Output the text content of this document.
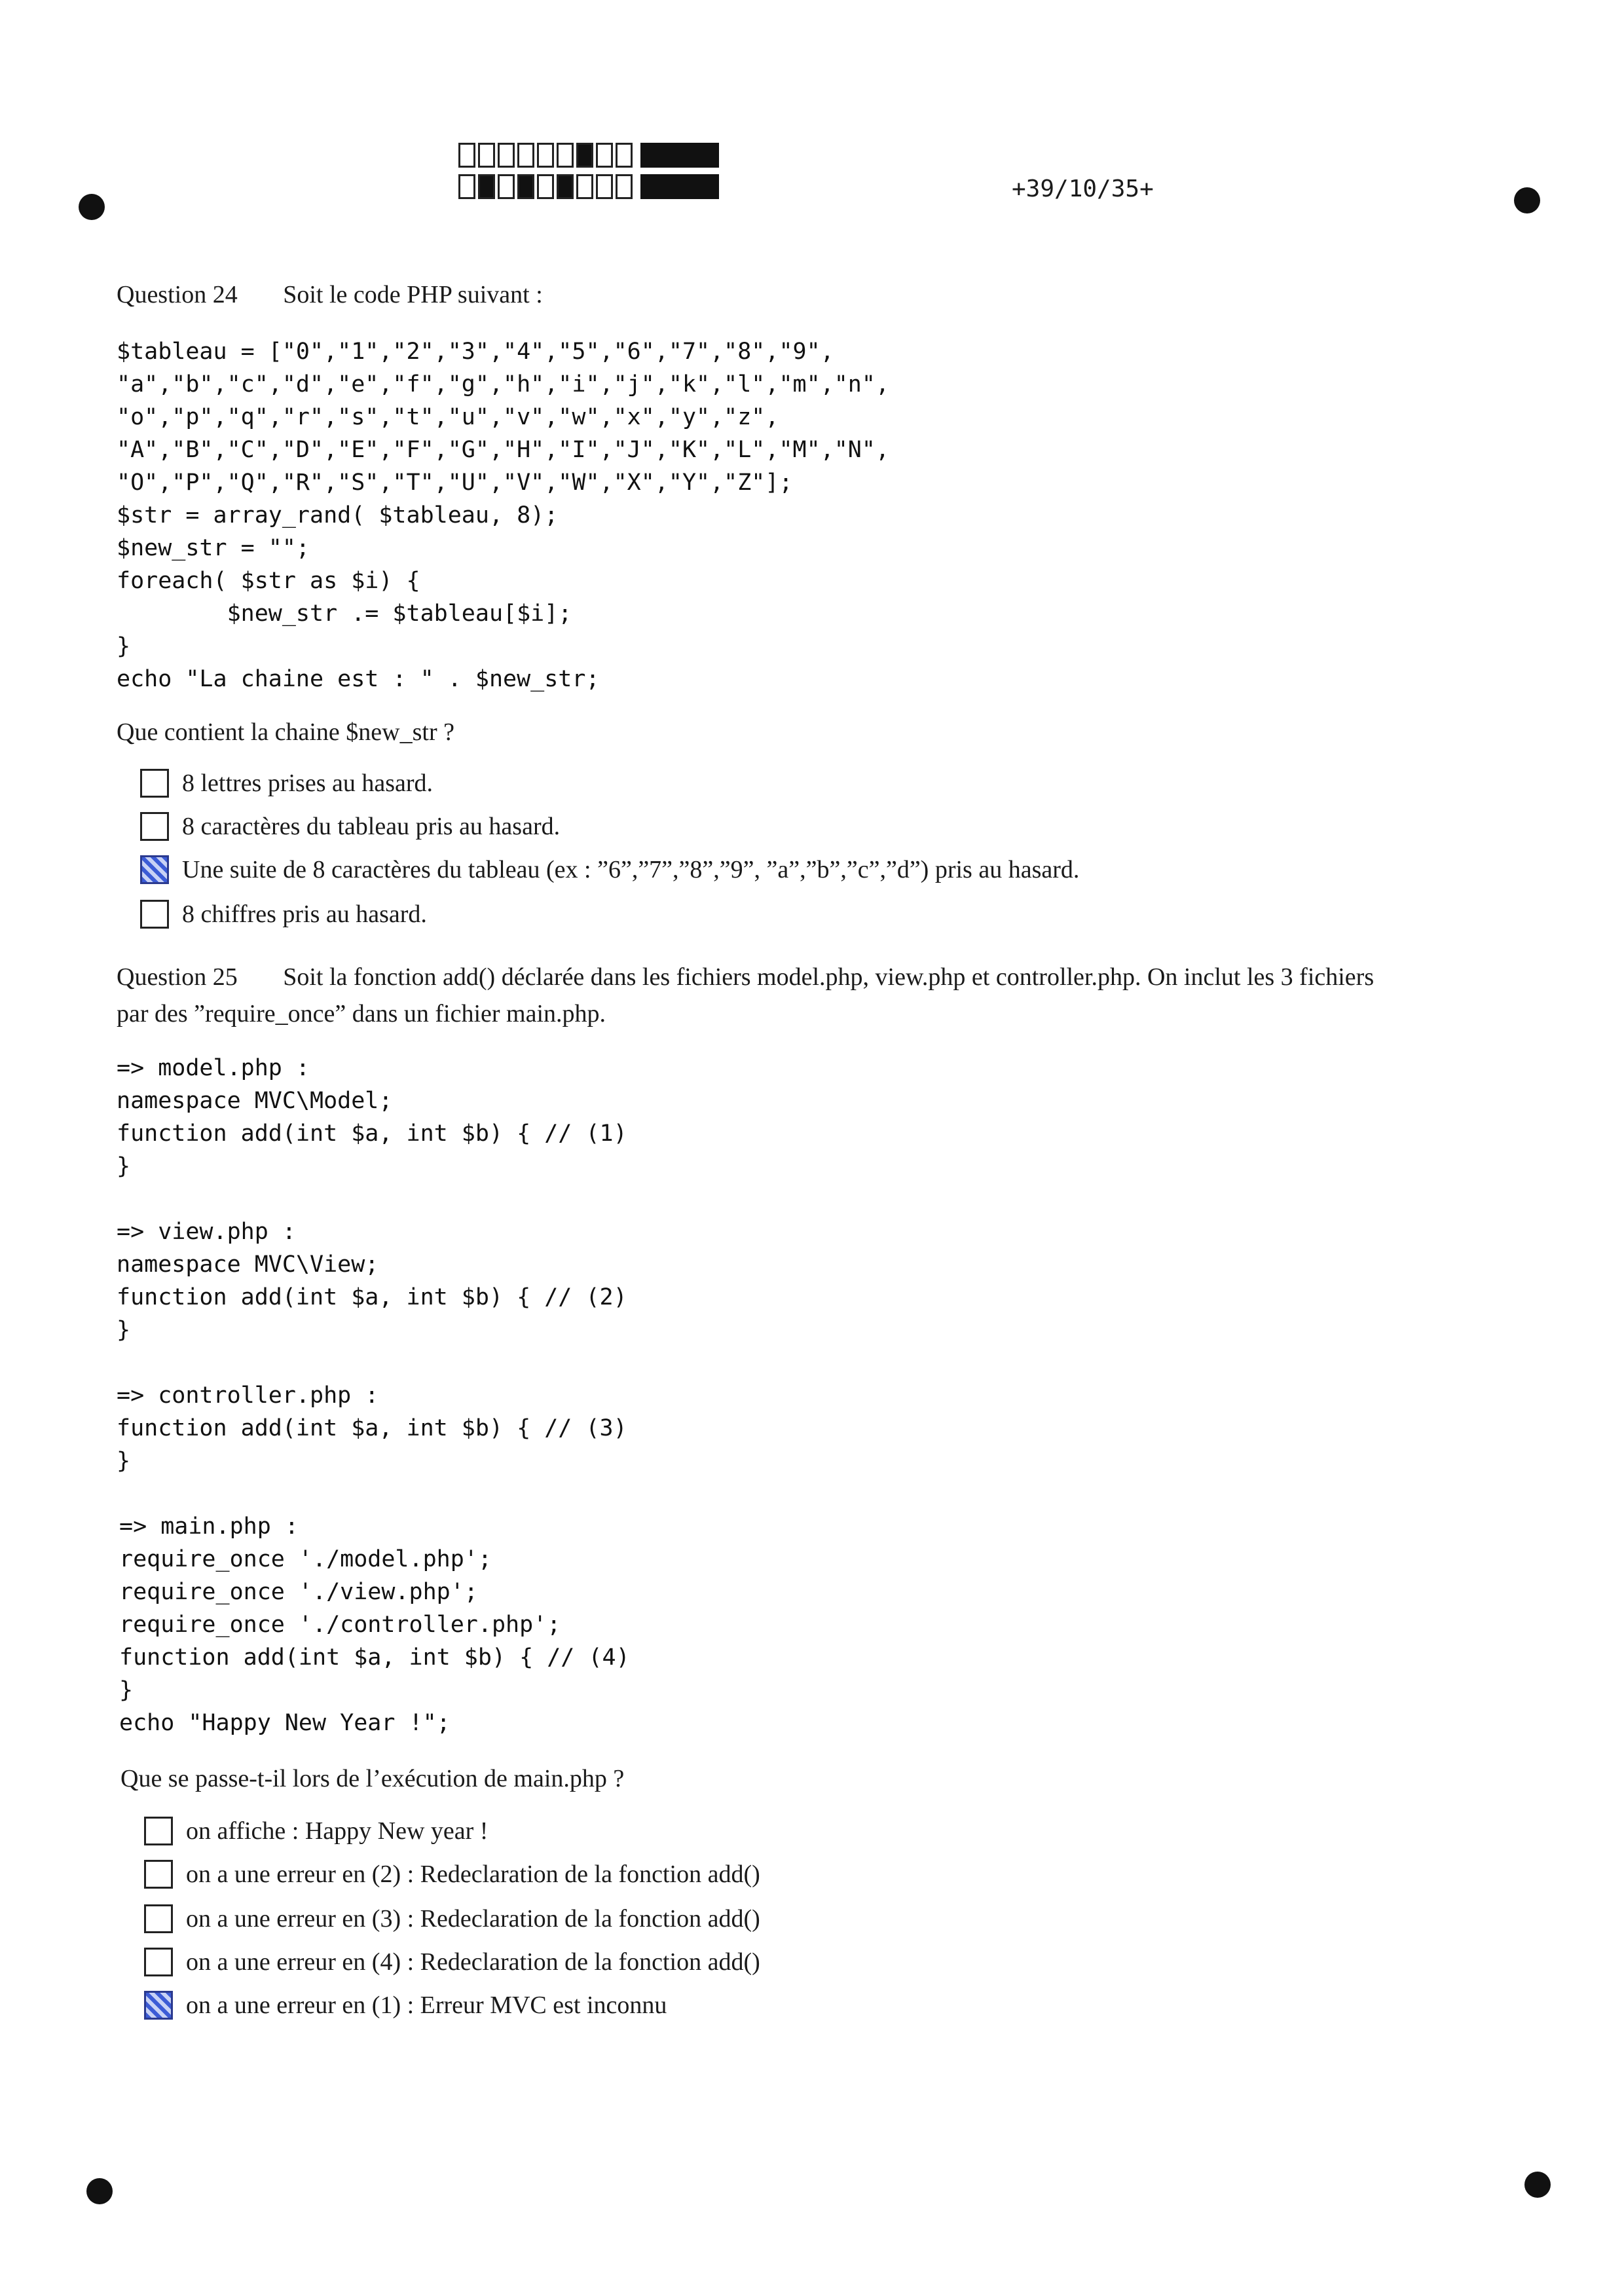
+39/10/35+
Question 24 Soit le code PHP suivant :
$tableau = ["0","1","2","3","4","5","6","7","8","9",
"a","b","c","d","e","f","g","h","i","j","k","l","m","n",
"o","p","q","r","s","t","u","v","w","x","y","z",
"A","B","C","D","E","F","G","H","I","J","K","L","M","N",
"O","P","Q","R","S","T","U","V","W","X","Y","Z"];
$str = array_rand( $tableau, 8);
$new_str = "";
foreach( $str as $i) {
$new_str .= $tableau[$i];
}
echo "La chaine est : " . $new_str;
Que contient la chaine $new_str ?
8 lettres prises au hasard.
8 caractères du tableau pris au hasard.
Une suite de 8 caractères du tableau (ex : ”6”,”7”,”8”,”9”, ”a”,”b”,”c”,”d”) pris au hasard.
8 chiffres pris au hasard.
Question 25 Soit la fonction add() déclarée dans les fichiers model.php, view.php et controller.php. On inclut les 3 fichiers
par des ”require_once” dans un fichier main.php.
=> model.php :
namespace MVC\Model;
function add(int $a, int $b) { // (1)
}
=> view.php :
namespace MVC\View;
function add(int $a, int $b) { // (2)
}
=> controller.php :
function add(int $a, int $b) { // (3)
}
=> main.php :
require_once './model.php';
require_once './view.php';
require_once './controller.php';
function add(int $a, int $b) { // (4)
}
echo "Happy New Year !";
Que se passe-t-il lors de l’exécution de main.php ?
on affiche : Happy New year !
on a une erreur en (2) : Redeclaration de la fonction add()
on a une erreur en (3) : Redeclaration de la fonction add()
on a une erreur en (4) : Redeclaration de la fonction add()
on a une erreur en (1) : Erreur MVC est inconnu
